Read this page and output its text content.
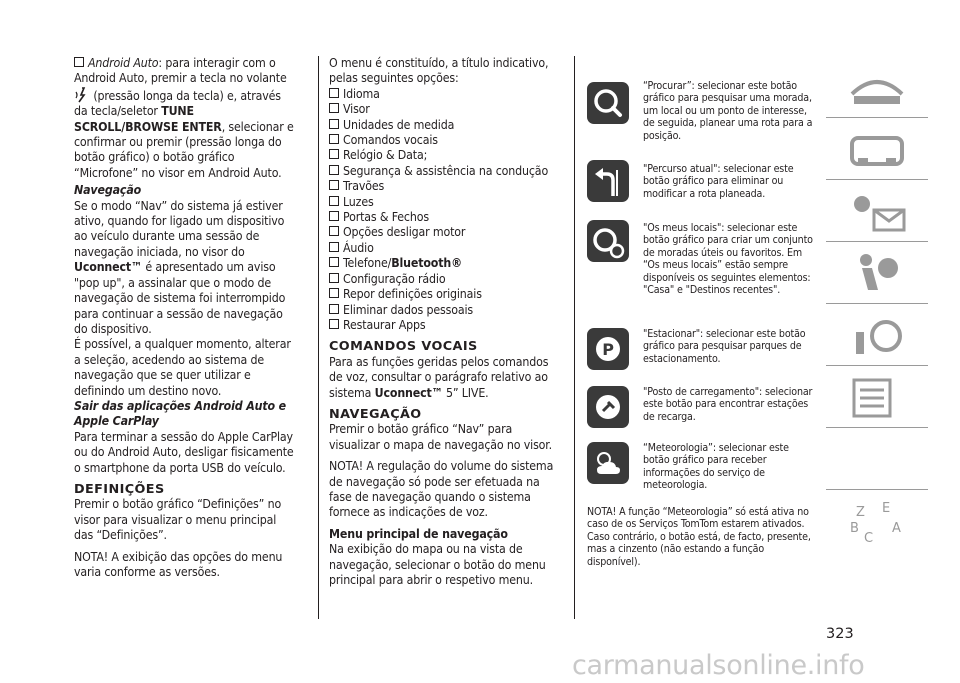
Android Auto: para interagir com o Android Auto, premir a tecla no volante
(pressão longa da tecla) e, através da tecla/seletor TUNE SCROLL/BROWSE ENTER, selecionar e confirmar ou premir (pressão longa do botão gráfico) o botão gráfico “Microfone” no visor em Android Auto.

Navegação

Se o modo “Nav” do sistema já estiver ativo, quando for ligado um dispositivo ao veículo durante uma sessão de navegação iniciada, no visor do Uconnect™ é apresentado um aviso "pop up", a assinalar que o modo de navegação de sistema foi interrompido para continuar a sessão de navegação do dispositivo.

É possível, a qualquer momento, alterar a seleção, acedendo ao sistema de navegação que se quer utilizar e definindo um destino novo.

Sair das aplicações Android Auto e Apple CarPlay

Para terminar a sessão do Apple CarPlay ou do Android Auto, desligar fisicamente o smartphone da porta USB do veículo.

DEFINIÇÕES

Premir o botão gráfico “Definições” no visor para visualizar o menu principal das “Definições”.

NOTA! A exibição das opções do menu varia conforme as versões.

O menu é constituído, a título indicativo, pelas seguintes opções:

Idioma
Visor
Unidades de medida
Comandos vocais
Relógio & Data;
Segurança & assistência na condução
Travões
Luzes
Portas & Fechos
Opções desligar motor
Áudio
Telefone/Bluetooth®
Configuração rádio
Repor definições originais
Eliminar dados pessoais
Restaurar Apps

COMANDOS VOCAIS

Para as funções geridas pelos comandos de voz, consultar o parágrafo relativo ao sistema Uconnect™ 5” LIVE.

NAVEGAÇÃO

Premir o botão gráfico “Nav” para visualizar o mapa de navegação no visor.

NOTA! A regulação do volume do sistema de navegação só pode ser efetuada na fase de navegação quando o sistema fornece as indicações de voz.

Menu principal de navegação

Na exibição do mapa ou na vista de navegação, selecionar o botão do menu principal para abrir o respetivo menu.

“Procurar”: selecionar este botão gráfico para pesquisar uma morada, um local ou um ponto de interesse, de seguida, planear uma rota para a posição.
"Percurso atual": selecionar este botão gráfico para eliminar ou modificar a rota planeada.
"Os meus locais": selecionar este botão gráfico para criar um conjunto de moradas úteis ou favoritos. Em “Os meus locais” estão sempre disponíveis os seguintes elementos: "Casa" e "Destinos recentes".
P
"Estacionar": selecionar este botão gráfico para pesquisar parques de estacionamento.
"Posto de carregamento": selecionar este botão para encontrar estações de recarga.
“Meteorologia”: selecionar este botão gráfico para receber informações do serviço de meteorologia.
NOTA! A função “Meteorologia” só está ativa no caso de os Serviços TomTom estarem ativados. Caso contrário, o botão está, de facto, presente, mas a cinzento (não estando a função disponível).
Z E
B
C
A
323
carmanualsonline.info
